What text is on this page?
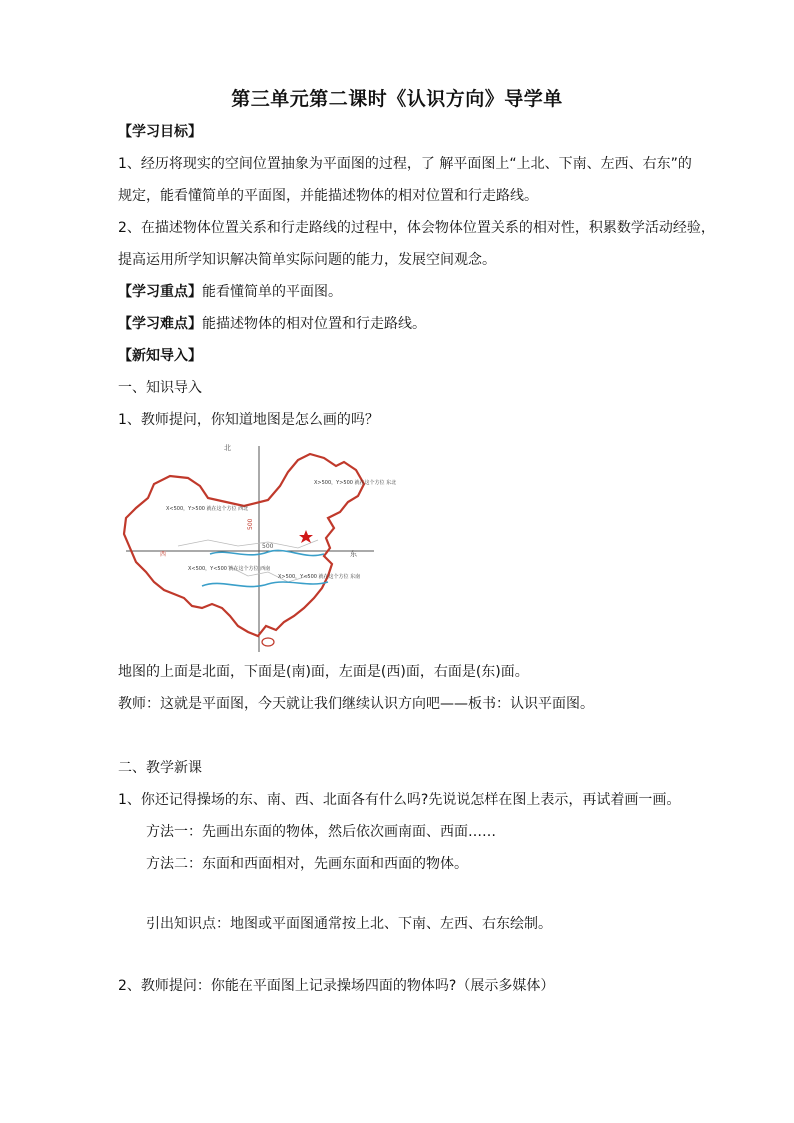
第三单元第二课时《认识方向》导学单
【学习目标】
1、经历将现实的空间位置抽象为平面图的过程，了 解平面图上“上北、下南、左西、右东”的
规定，能看懂简单的平面图，并能描述物体的相对位置和行走路线。
2、在描述物体位置关系和行走路线的过程中，体会物体位置关系的相对性，积累数学活动经验，
提高运用所学知识解决简单实际问题的能力，发展空间观念。
【学习重点】能看懂简单的平面图。
【学习难点】能描述物体的相对位置和行走路线。
【新知导入】
一、知识导入
1、教师提问，你知道地图是怎么画的吗？
北
东
西
500
500
X>500，Y>500 就在这个方位 东北
X<500，Y>500 就在这个方位 西北
X<500，Y<500 就在这个方位 西南
X>500，Y<500 就在这个方位 东南
地图的上面是北面，下面是(南)面，左面是(西)面，右面是(东)面。
教师：这就是平面图，今天就让我们继续认识方向吧——板书：认识平面图。
二、教学新课
1、你还记得操场的东、南、西、北面各有什么吗?先说说怎样在图上表示，再试着画一画。
方法一：先画出东面的物体，然后依次画南面、西面……
方法二：东面和西面相对，先画东面和西面的物体。
引出知识点：地图或平面图通常按上北、下南、左西、右东绘制。
2、教师提问：你能在平面图上记录操场四面的物体吗?（展示多媒体）
